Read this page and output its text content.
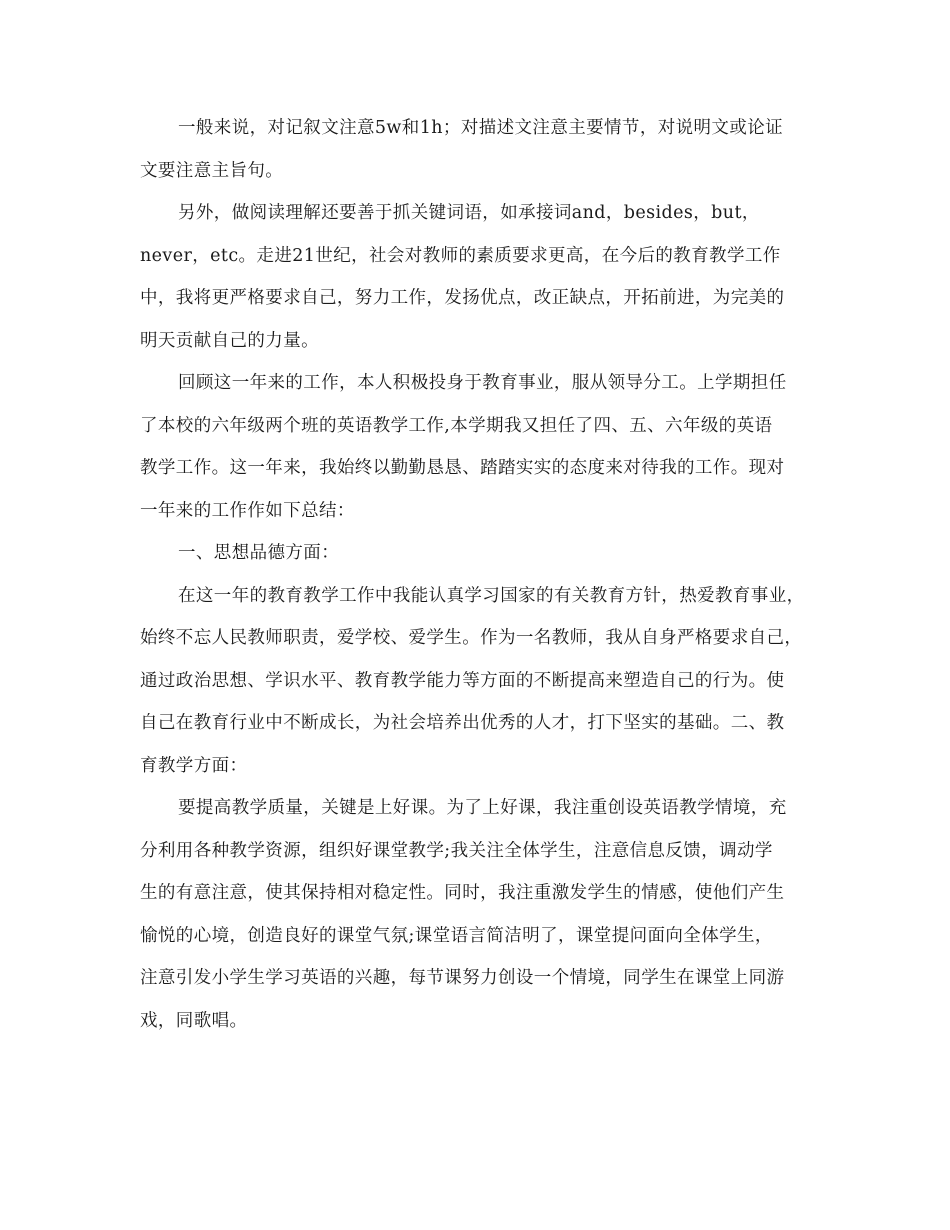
一般来说，对记叙文注意5w和1h；对描述文注意主要情节，对说明文或论证
文要注意主旨句。
另外，做阅读理解还要善于抓关键词语，如承接词and，besides，but，
never，etc。走进21世纪，社会对教师的素质要求更高，在今后的教育教学工作
中，我将更严格要求自己，努力工作，发扬优点，改正缺点，开拓前进，为完美的
明天贡献自己的力量。
回顾这一年来的工作，本人积极投身于教育事业，服从领导分工。上学期担任
了本校的六年级两个班的英语教学工作,本学期我又担任了四、五、六年级的英语
教学工作。这一年来，我始终以勤勤恳恳、踏踏实实的态度来对待我的工作。现对
一年来的工作作如下总结：
一、思想品德方面：
在这一年的教育教学工作中我能认真学习国家的有关教育方针，热爱教育事业，
始终不忘人民教师职责，爱学校、爱学生。作为一名教师，我从自身严格要求自己，
通过政治思想、学识水平、教育教学能力等方面的不断提高来塑造自己的行为。使
自己在教育行业中不断成长，为社会培养出优秀的人才，打下坚实的基础。二、教
育教学方面：
要提高教学质量，关键是上好课。为了上好课，我注重创设英语教学情境，充
分利用各种教学资源，组织好课堂教学;我关注全体学生，注意信息反馈，调动学
生的有意注意，使其保持相对稳定性。同时，我注重激发学生的情感，使他们产生
愉悦的心境，创造良好的课堂气氛;课堂语言简洁明了，课堂提问面向全体学生，
注意引发小学生学习英语的兴趣，每节课努力创设一个情境，同学生在课堂上同游
戏，同歌唱。
